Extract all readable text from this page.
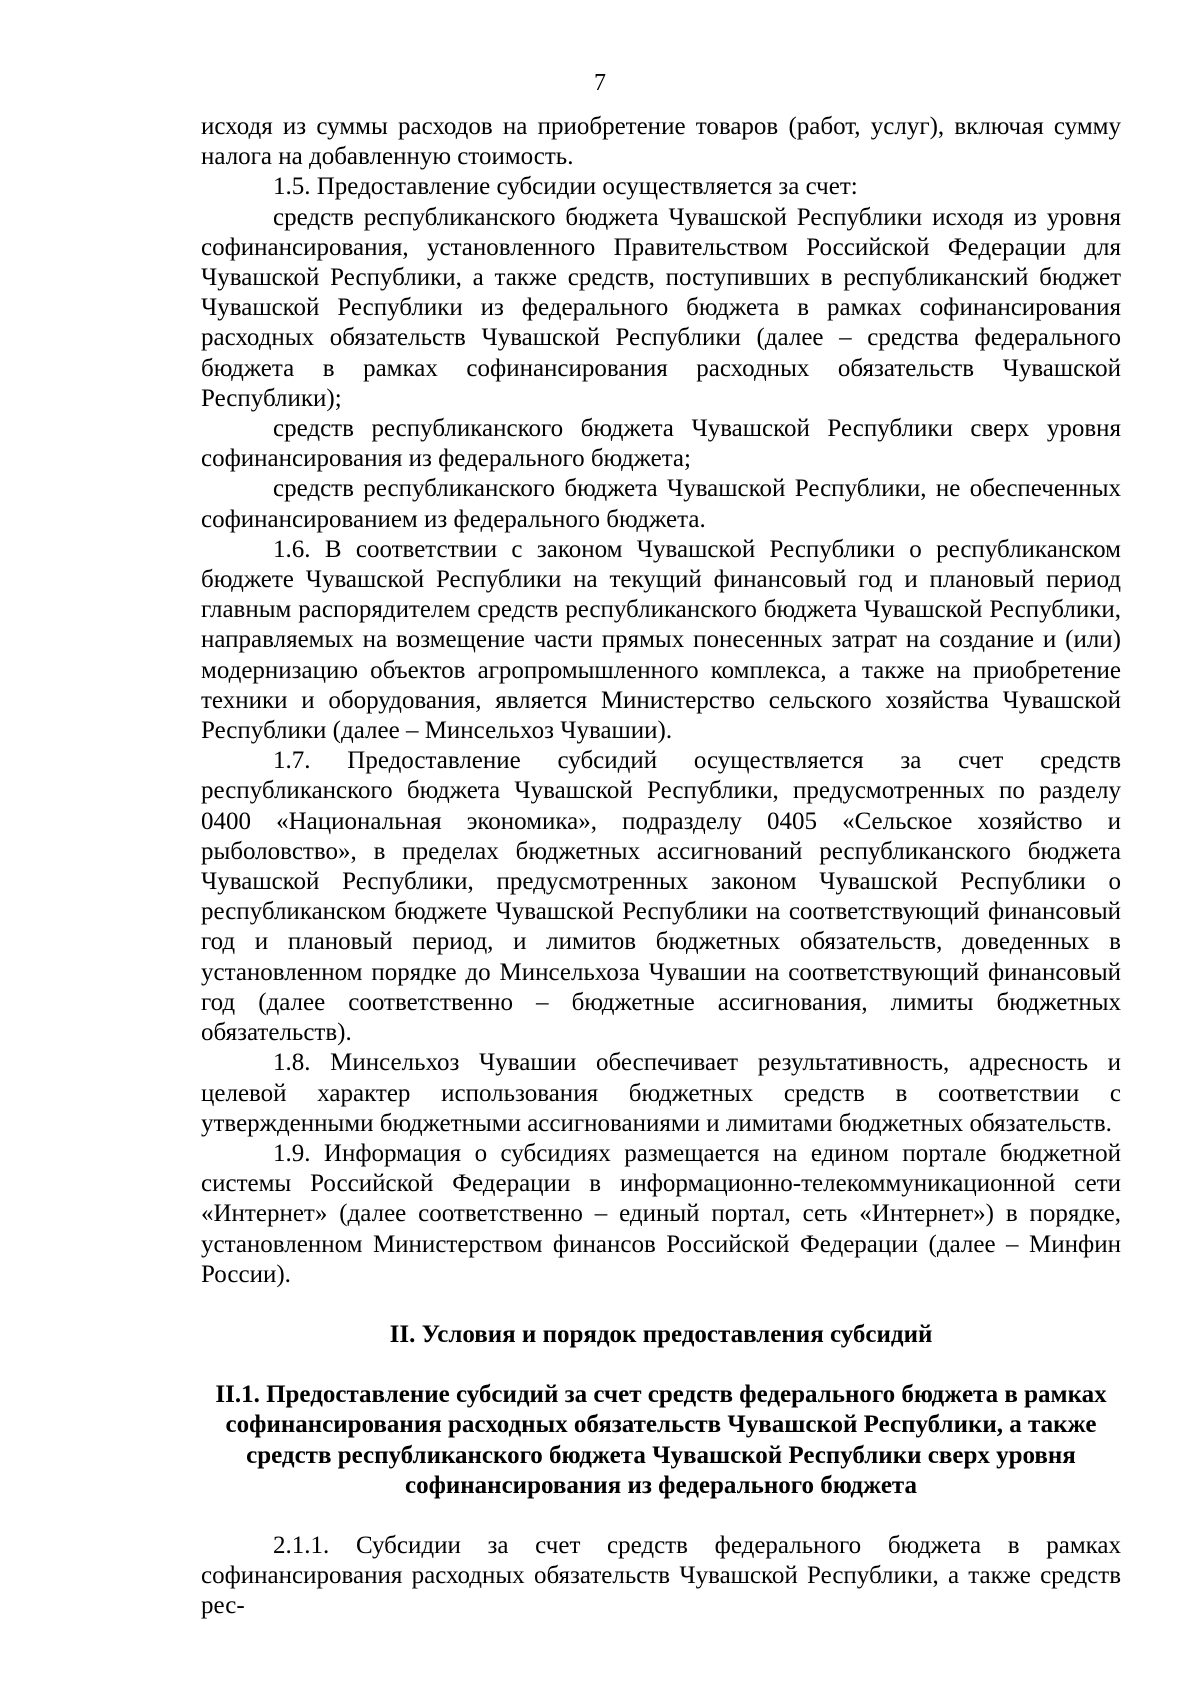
7

исходя из суммы расходов на приобретение товаров (работ, услуг), включая сумму налога на добавленную стоимость.

1.5. Предоставление субсидии осуществляется за счет:

средств республиканского бюджета Чувашской Республики исходя из уровня софинансирования, установленного Правительством Российской Федерации для Чувашской Республики, а также средств, поступивших в республиканский бюджет Чувашской Республики из федерального бюджета в рамках софинансирования расходных обязательств Чувашской Республики (далее – средства федерального бюджета в рамках софинансирования расходных обязательств Чувашской Республики);

средств республиканского бюджета Чувашской Республики сверх уровня софинансирования из федерального бюджета;

средств республиканского бюджета Чувашской Республики, не обеспеченных софинансированием из федерального бюджета.

1.6. В соответствии с законом Чувашской Республики о республиканском бюджете Чувашской Республики на текущий финансовый год и плановый период главным распорядителем средств республиканского бюджета Чувашской Республики, направляемых на возмещение части прямых понесенных затрат на создание и (или) модернизацию объектов агропромышленного комплекса, а также на приобретение техники и оборудования, является Министерство сельского хозяйства Чувашской Республики (далее – Минсельхоз Чувашии).

1.7. Предоставление субсидий осуществляется за счет средств республиканского бюджета Чувашской Республики, предусмотренных по разделу 0400 «Национальная экономика», подразделу 0405 «Сельское хозяйство и рыболовство», в пределах бюджетных ассигнований республиканского бюджета Чувашской Республики, предусмотренных законом Чувашской Республики о республиканском бюджете Чувашской Республики на соответствующий финансовый год и плановый период, и лимитов бюджетных обязательств, доведенных в установленном порядке до Минсельхоза Чувашии на соответствующий финансовый год (далее соответственно – бюджетные ассигнования, лимиты бюджетных обязательств).

1.8. Минсельхоз Чувашии обеспечивает результативность, адресность и целевой характер использования бюджетных средств в соответствии с утвержденными бюджетными ассигнованиями и лимитами бюджетных обязательств.

1.9. Информация о субсидиях размещается на едином портале бюджетной системы Российской Федерации в информационно-телекоммуникационной сети «Интернет» (далее соответственно – единый портал, сеть «Интернет») в порядке, установленном Министерством финансов Российской Федерации (далее – Минфин России).

II. Условия и порядок предоставления субсидий

II.1. Предоставление субсидий за счет средств федерального бюджета в рамках софинансирования расходных обязательств Чувашской Республики, а также средств республиканского бюджета Чувашской Республики сверх уровня софинансирования из федерального бюджета

2.1.1. Субсидии за счет средств федерального бюджета в рамках софинансирования расходных обязательств Чувашской Республики, а также средств рес-
